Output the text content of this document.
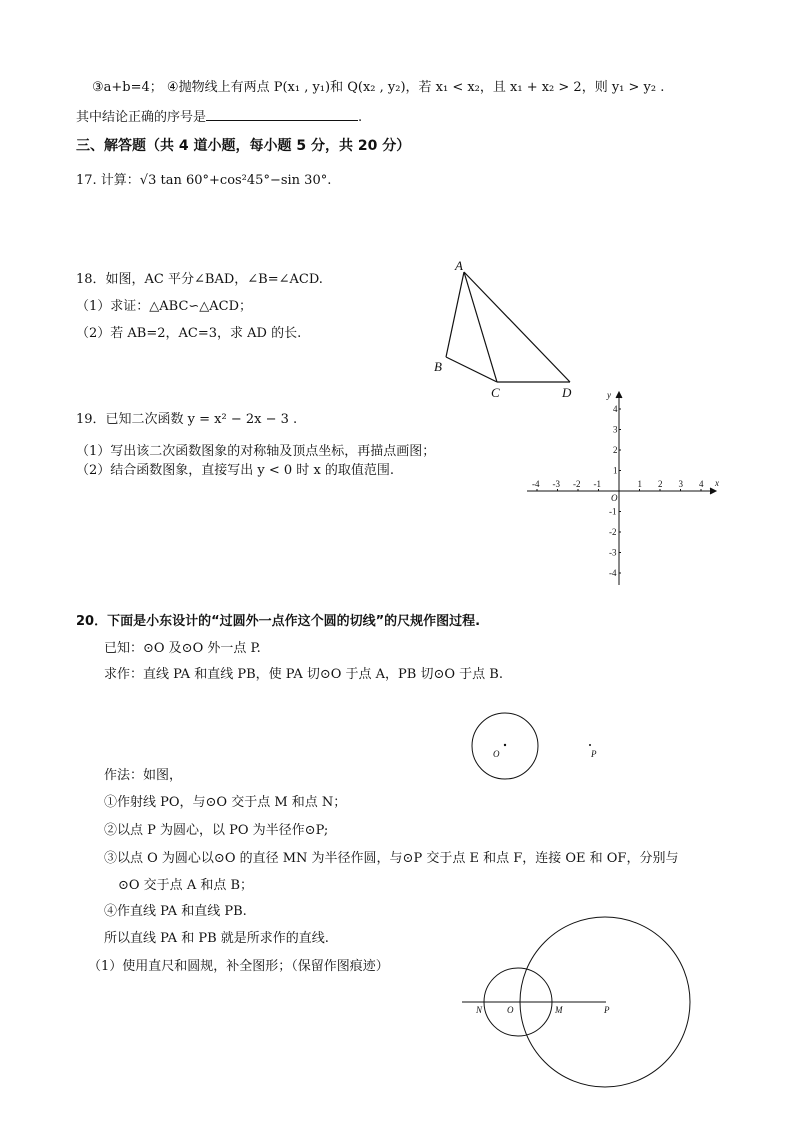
③a+b=4； ④抛物线上有两点 P(x₁ , y₁)和 Q(x₂ , y₂)，若 x₁ < x₂，且 x₁ + x₂ > 2，则 y₁ > y₂ .
其中结论正确的序号是	.
三、解答题（共 4 道小题，每小题 5 分，共 20 分）
17. 计算：√3 tan 60°+cos²45°−sin 30°.
18．如图，AC 平分∠BAD，∠B=∠ACD.
（1）求证：△ABC∽△ACD；
（2）若 AB=2，AC=3，求 AD 的长.
A
B
C	D
19．已知二次函数 y = x² − 2x − 3 .
（1）写出该二次函数图象的对称轴及顶点坐标，再描点画图；
（2）结合函数图象，直接写出 y < 0 时 x 的取值范围.
-4 -3 -2 -1	1 2 3 4
4
3
2
1
-1
-2
-3
-4
x
y
O
20．下面是小东设计的“过圆外一点作这个圆的切线”的尺规作图过程.
已知：⊙O 及⊙O 外一点 P.
求作：直线 PA 和直线 PB，使 PA 切⊙O 于点 A，PB 切⊙O 于点 B.
O	P
作法：如图，
①作射线 PO，与⊙O 交于点 M 和点 N；
②以点 P 为圆心，以 PO 为半径作⊙P;
③以点 O 为圆心以⊙O 的直径 MN 为半径作圆，与⊙P 交于点 E 和点 F，连接 OE 和 OF，分别与
⊙O 交于点 A 和点 B；
④作直线 PA 和直线 PB.
所以直线 PA 和 PB 就是所求作的直线.
（1）使用直尺和圆规，补全图形；（保留作图痕迹）
N	O	M	P
